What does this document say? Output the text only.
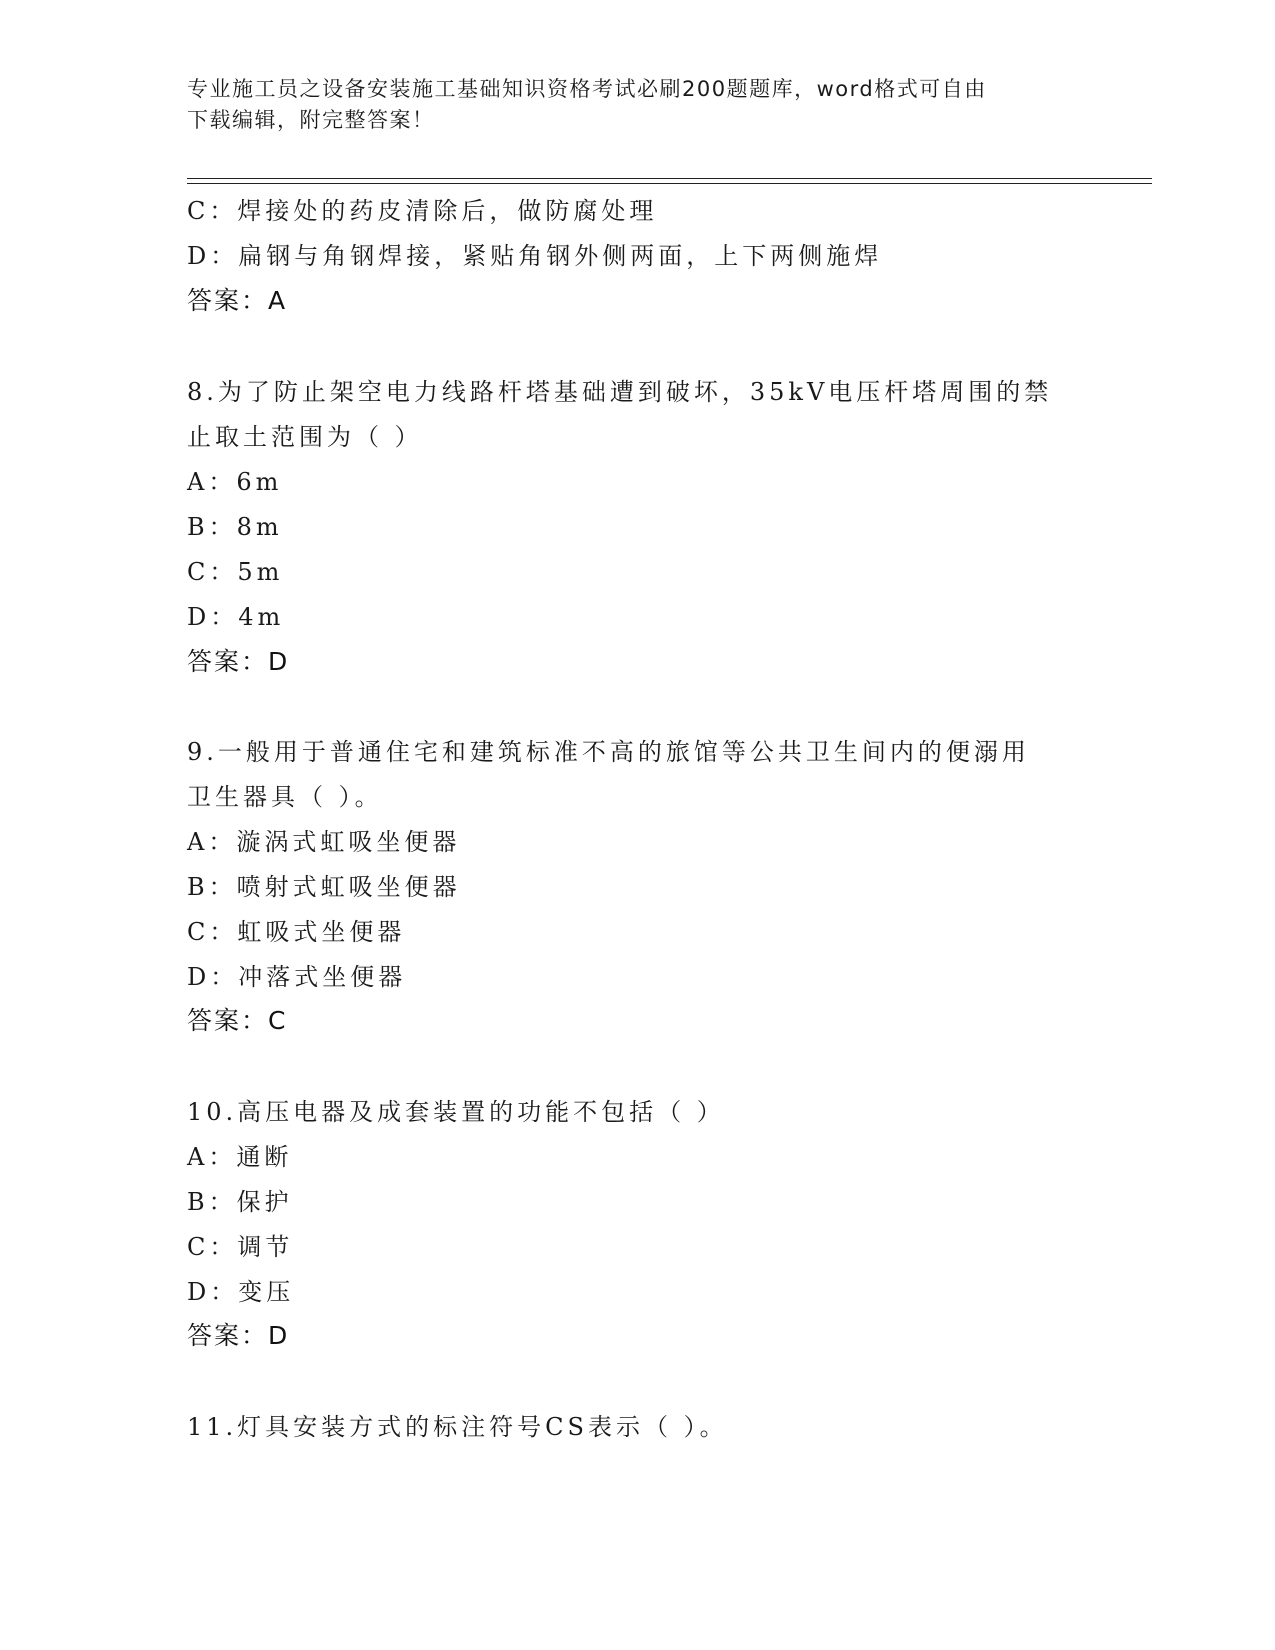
专业施工员之设备安装施工基础知识资格考试必刷200题题库，word格式可自由
下载编辑，附完整答案！
C：焊接处的药皮清除后，做防腐处理
D：扁钢与角钢焊接，紧贴角钢外侧两面，上下两侧施焊
答案：A
8.为了防止架空电力线路杆塔基础遭到破坏，35kV电压杆塔周围的禁
止取土范围为（ ）
A：6m
B：8m
C：5m
D：4m
答案：D
9.一般用于普通住宅和建筑标准不高的旅馆等公共卫生间内的便溺用
卫生器具（ ）。
A：漩涡式虹吸坐便器
B：喷射式虹吸坐便器
C：虹吸式坐便器
D：冲落式坐便器
答案：C
10.高压电器及成套装置的功能不包括（ ）
A：通断
B：保护
C：调节
D：变压
答案：D
11.灯具安装方式的标注符号CS表示（ ）。
